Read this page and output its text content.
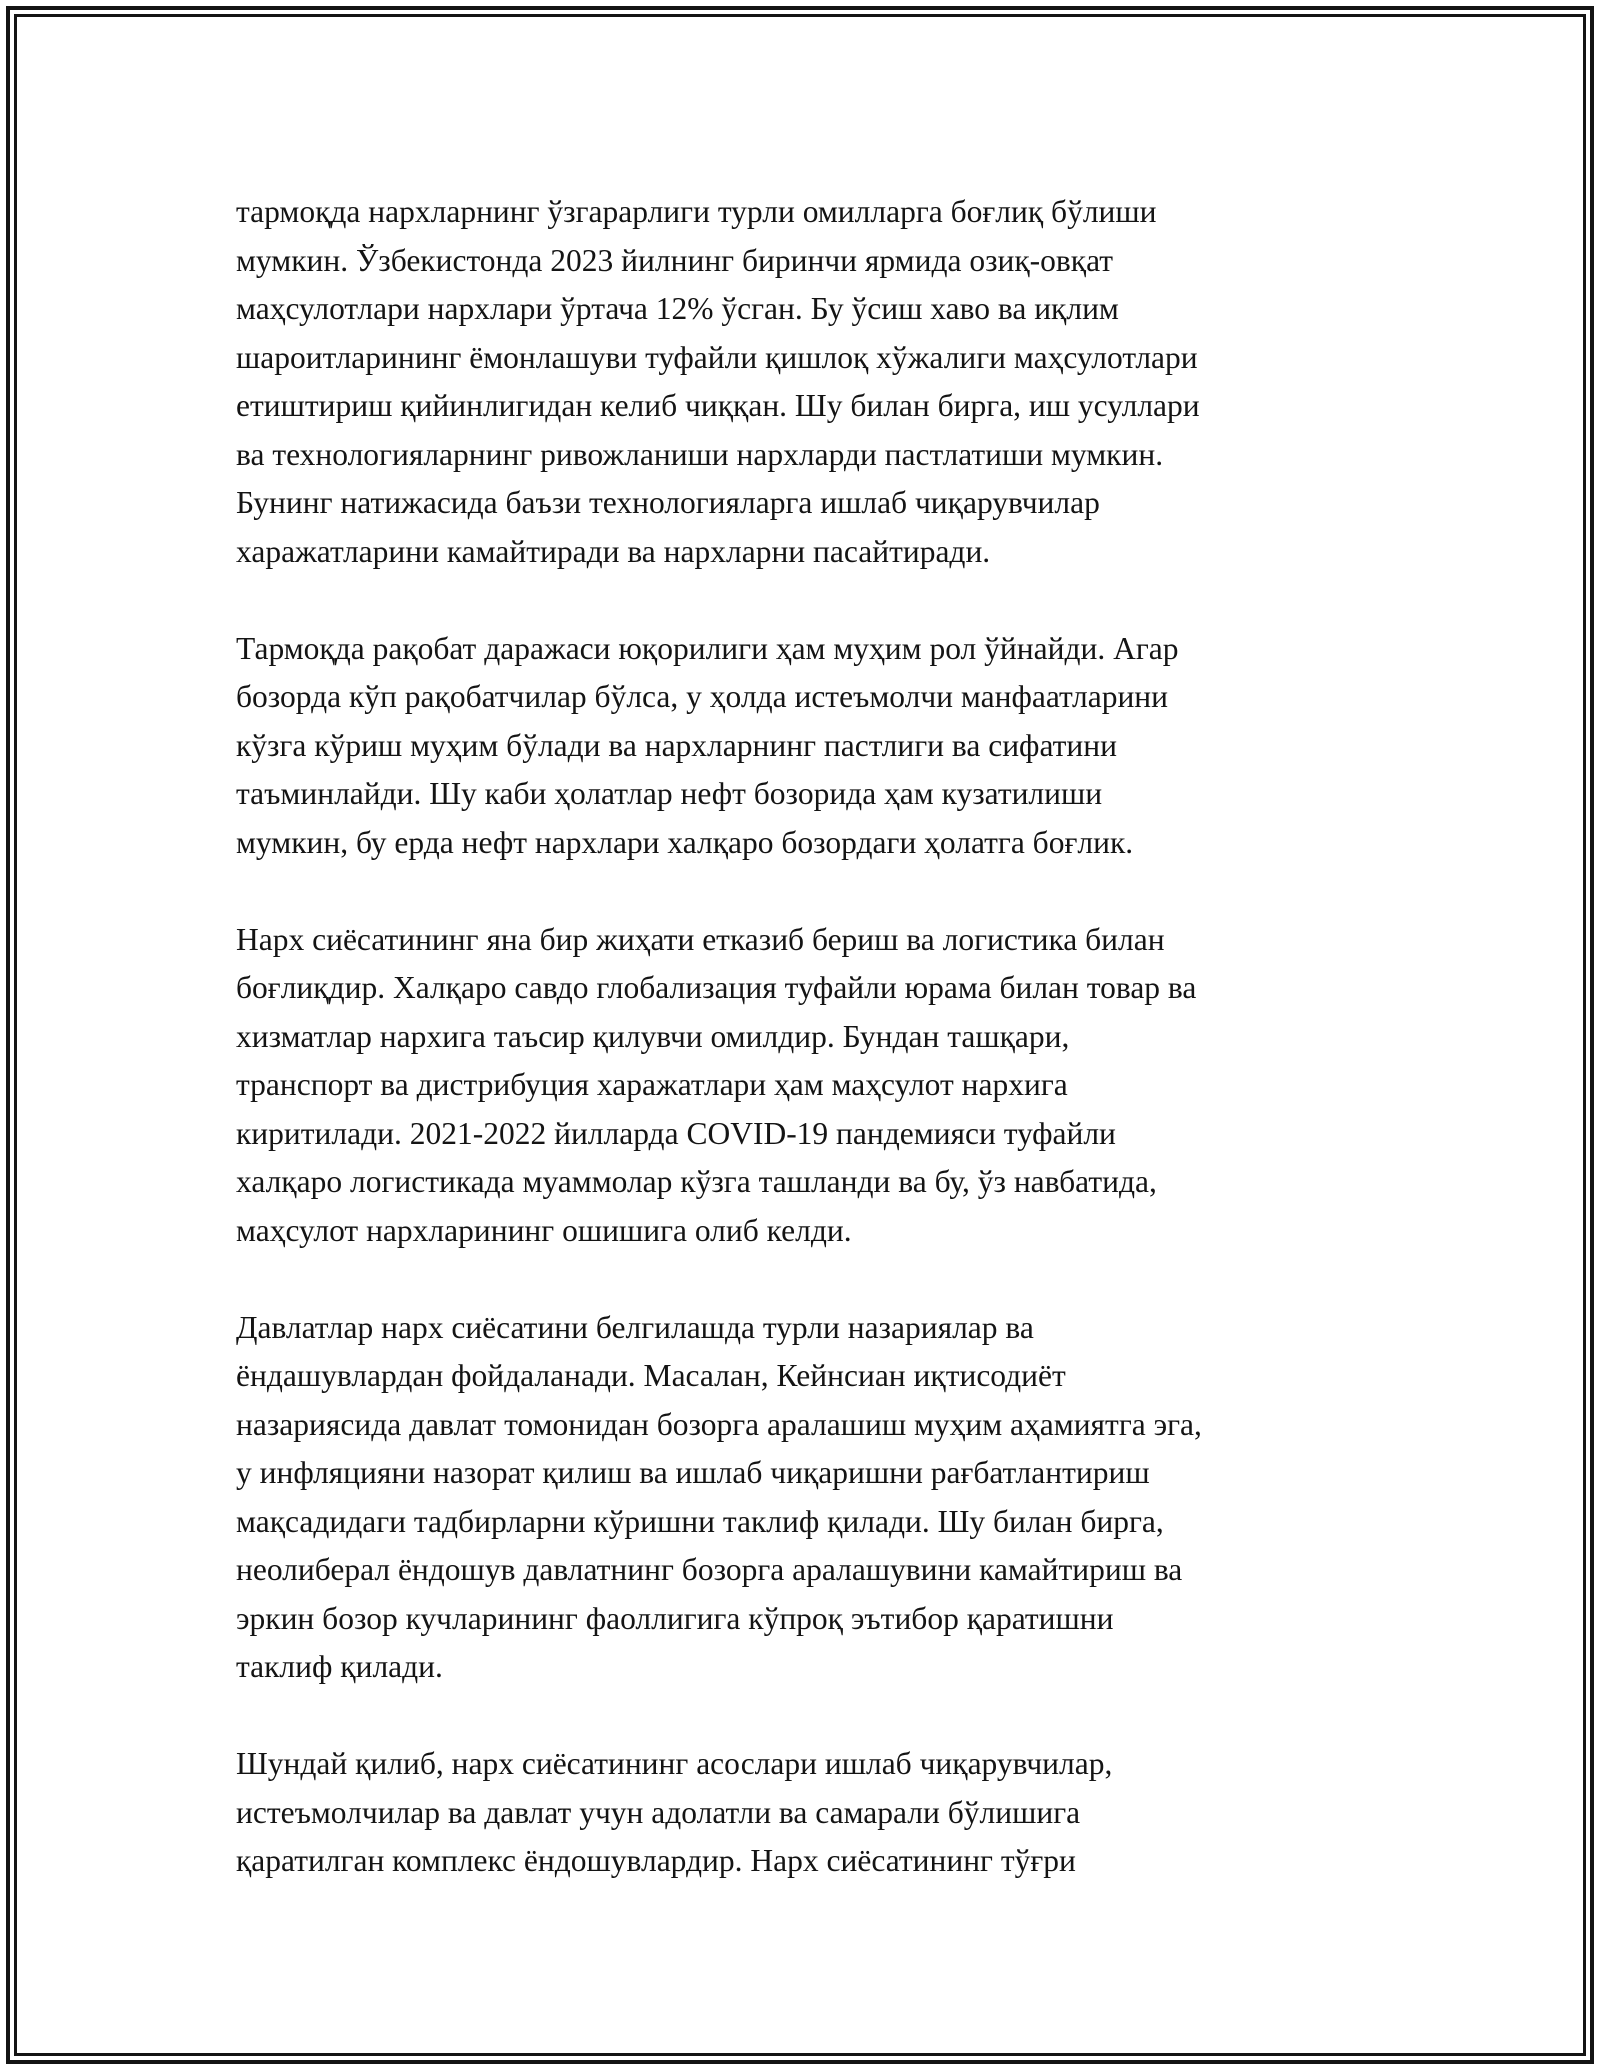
тармоқда нархларнинг ўзгарарлиги турли омилларга боғлиқ бўлиши
мумкин. Ўзбекистонда 2023 йилнинг биринчи ярмида озиқ-овқат
маҳсулотлари нархлари ўртача 12% ўсган. Бу ўсиш хаво ва иқлим
шароитларининг ёмонлашуви туфайли қишлоқ хўжалиги маҳсулотлари
етиштириш қийинлигидан келиб чиққан. Шу билан бирга, иш усуллари
ва технологияларнинг ривожланиши нархларди пастлатиши мумкин.
Бунинг натижасида баъзи технологияларга ишлаб чиқарувчилар
харажатларини камайтиради ва нархларни пасайтиради.
Тармоқда рақобат даражаси юқорилиги ҳам муҳим рол ўйнайди. Агар
бозорда кўп рақобатчилар бўлса, у ҳолда истеъмолчи манфаатларини
кўзга кўриш муҳим бўлади ва нархларнинг пастлиги ва сифатини
таъминлайди. Шу каби ҳолатлар нефт бозорида ҳам кузатилиши
мумкин, бу ерда нефт нархлари халқаро бозордаги ҳолатга боғлик.
Нарх сиёсатининг яна бир жиҳати етказиб бериш ва логистика билан
боғлиқдир. Халқаро савдо глобализация туфайли юрама билан товар ва
хизматлар нархига таъсир қилувчи омилдир. Бундан ташқари,
транспорт ва дистрибуция харажатлари ҳам маҳсулот нархига
киритилади. 2021-2022 йилларда COVID-19 пандемияси туфайли
халқаро логистикада муаммолар кўзга ташланди ва бу, ўз навбатида,
маҳсулот нархларининг ошишига олиб келди.
Давлатлар нарх сиёсатини белгилашда турли назариялар ва
ёндашувлардан фойдаланади. Масалан, Кейнсиан иқтисодиёт
назариясида давлат томонидан бозорга аралашиш муҳим аҳамиятга эга,
у инфляцияни назорат қилиш ва ишлаб чиқаришни рағбатлантириш
мақсадидаги тадбирларни кўришни таклиф қилади. Шу билан бирга,
неолиберал ёндошув давлатнинг бозорга аралашувини камайтириш ва
эркин бозор кучларининг фаоллигига кўпроқ эътибор қаратишни
таклиф қилади.
Шундай қилиб, нарх сиёсатининг асослари ишлаб чиқарувчилар,
истеъмолчилар ва давлат учун адолатли ва самарали бўлишига
қаратилган комплекс ёндошувлардир. Нарх сиёсатининг тўғри
